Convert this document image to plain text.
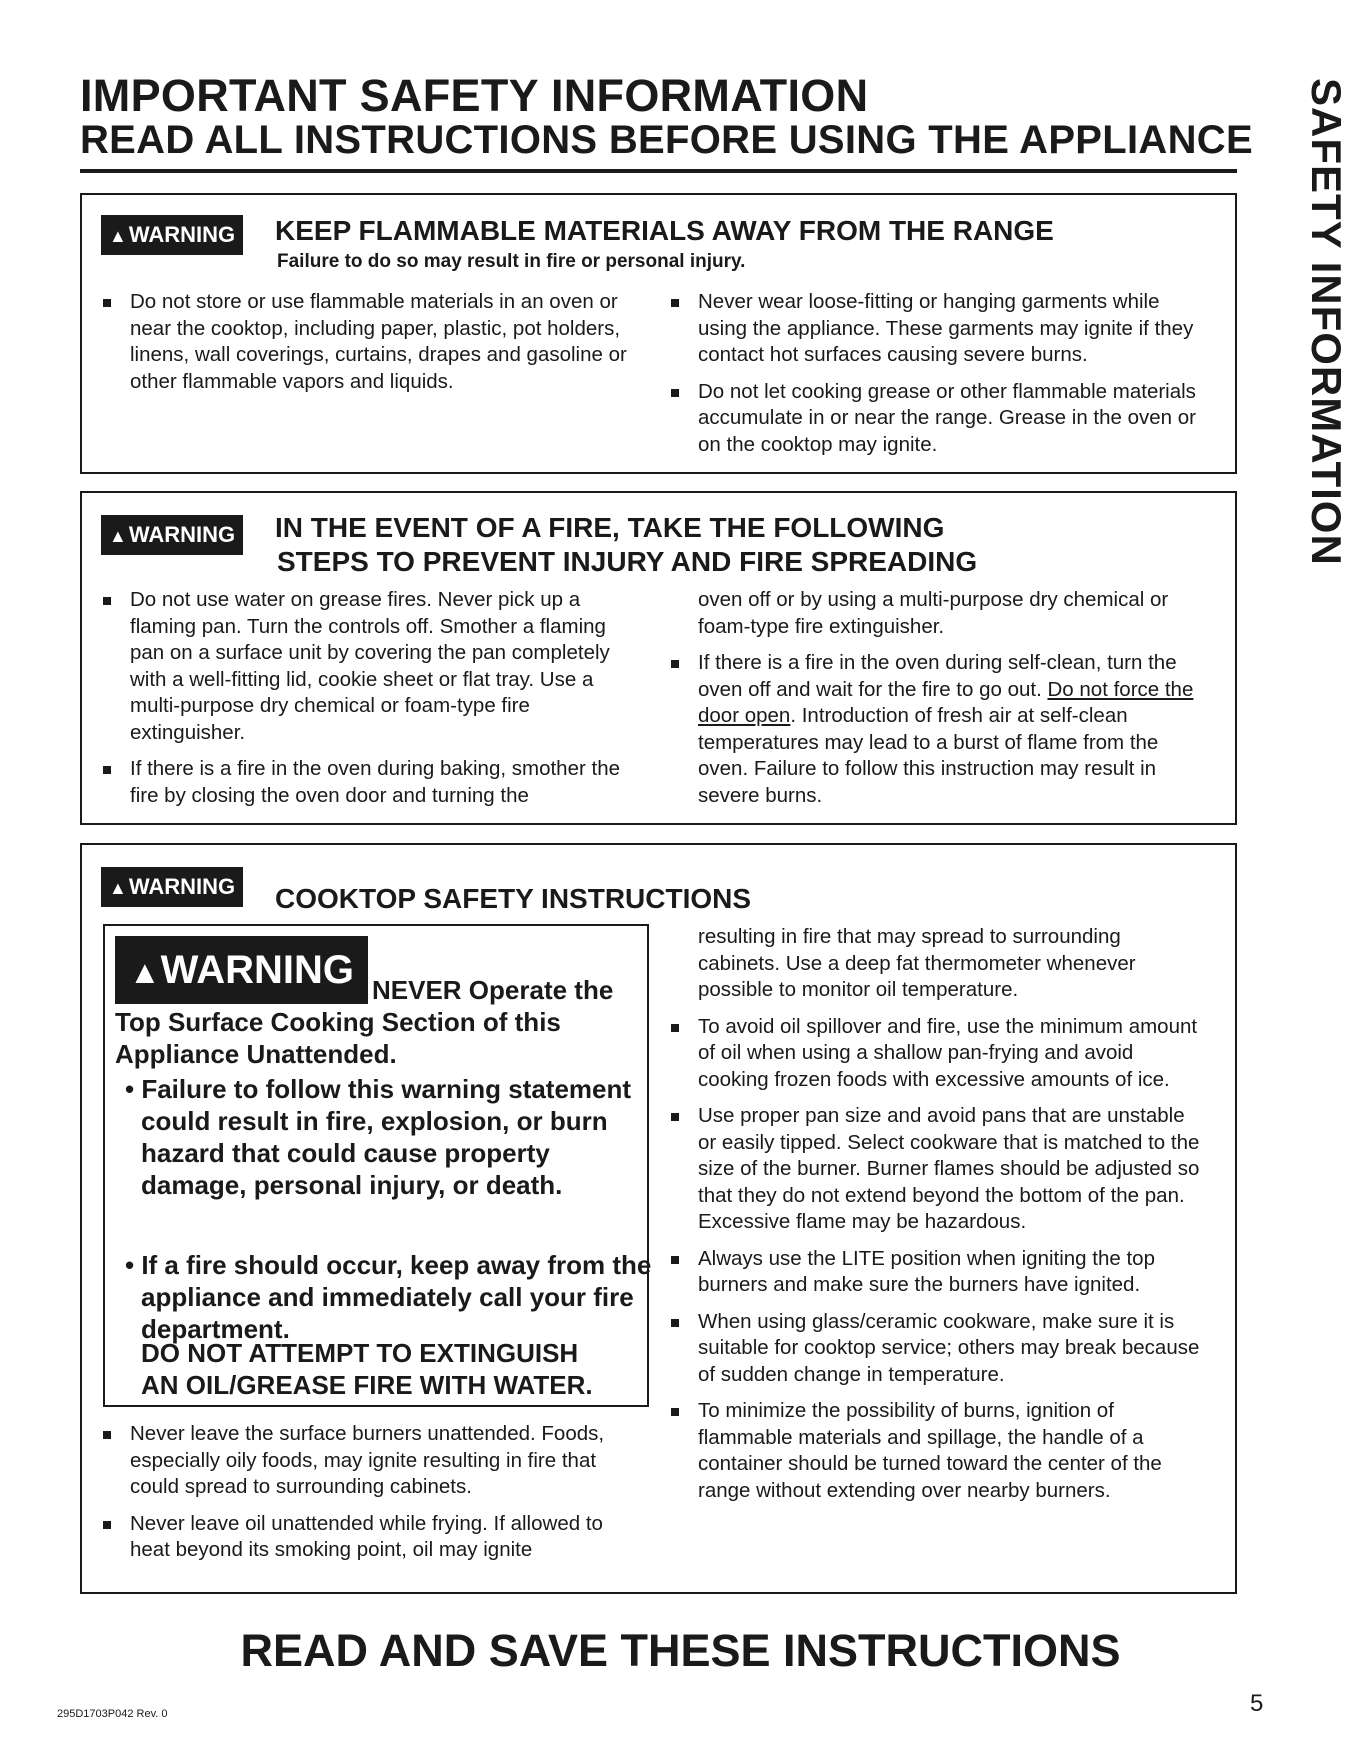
IMPORTANT SAFETY INFORMATION
READ ALL INSTRUCTIONS BEFORE USING THE APPLIANCE SAFETY INFORMATION
▲WARNING KEEP FLAMMABLE MATERIALS AWAY FROM THE RANGE
Failure to do so may result in fire or personal injury.
Do not store or use flammable materials in an oven or near the cooktop, including paper, plastic, pot holders, linens, wall coverings, curtains, drapes and gasoline or other flammable vapors and liquids.
Never wear loose-fitting or hanging garments while using the appliance. These garments may ignite if they contact hot surfaces causing severe burns.
Do not let cooking grease or other flammable materials accumulate in or near the range. Grease in the oven or on the cooktop may ignite.
▲WARNING IN THE EVENT OF A FIRE, TAKE THE FOLLOWING
STEPS TO PREVENT INJURY AND FIRE SPREADING
Do not use water on grease fires. Never pick up a flaming pan. Turn the controls off. Smother a flaming pan on a surface unit by covering the pan completely with a well-fitting lid, cookie sheet or flat tray. Use a multi-purpose dry chemical or foam-type fire extinguisher.
If there is a fire in the oven during baking, smother the fire by closing the oven door and turning the
oven off or by using a multi-purpose dry chemical or foam-type fire extinguisher.
If there is a fire in the oven during self-clean, turn the oven off and wait for the fire to go out. Do not force the door open. Introduction of fresh air at self-clean temperatures may lead to a burst of flame from the oven. Failure to follow this instruction may result in severe burns.
▲WARNING COOKTOP SAFETY INSTRUCTIONS
▲WARNING NEVER Operate the
Top Surface Cooking Section of this
Appliance Unattended.
• Failure to follow this warning statement could result in fire, explosion, or burn hazard that could cause property damage, personal injury, or death.
• If a fire should occur, keep away from the appliance and immediately call your fire department.
DO NOT ATTEMPT TO EXTINGUISH AN OIL/GREASE FIRE WITH WATER.
Never leave the surface burners unattended. Foods, especially oily foods, may ignite resulting in fire that could spread to surrounding cabinets.
Never leave oil unattended while frying. If allowed to heat beyond its smoking point, oil may ignite
resulting in fire that may spread to surrounding cabinets. Use a deep fat thermometer whenever possible to monitor oil temperature.
To avoid oil spillover and fire, use the minimum amount of oil when using a shallow pan-frying and avoid cooking frozen foods with excessive amounts of ice.
Use proper pan size and avoid pans that are unstable or easily tipped. Select cookware that is matched to the size of the burner. Burner flames should be adjusted so that they do not extend beyond the bottom of the pan. Excessive flame may be hazardous.
Always use the LITE position when igniting the top burners and make sure the burners have ignited.
When using glass/ceramic cookware, make sure it is suitable for cooktop service; others may break because of sudden change in temperature.
To minimize the possibility of burns, ignition of flammable materials and spillage, the handle of a container should be turned toward the center of the range without extending over nearby burners.
READ AND SAVE THESE INSTRUCTIONS
295D1703P042 Rev. 0	5
